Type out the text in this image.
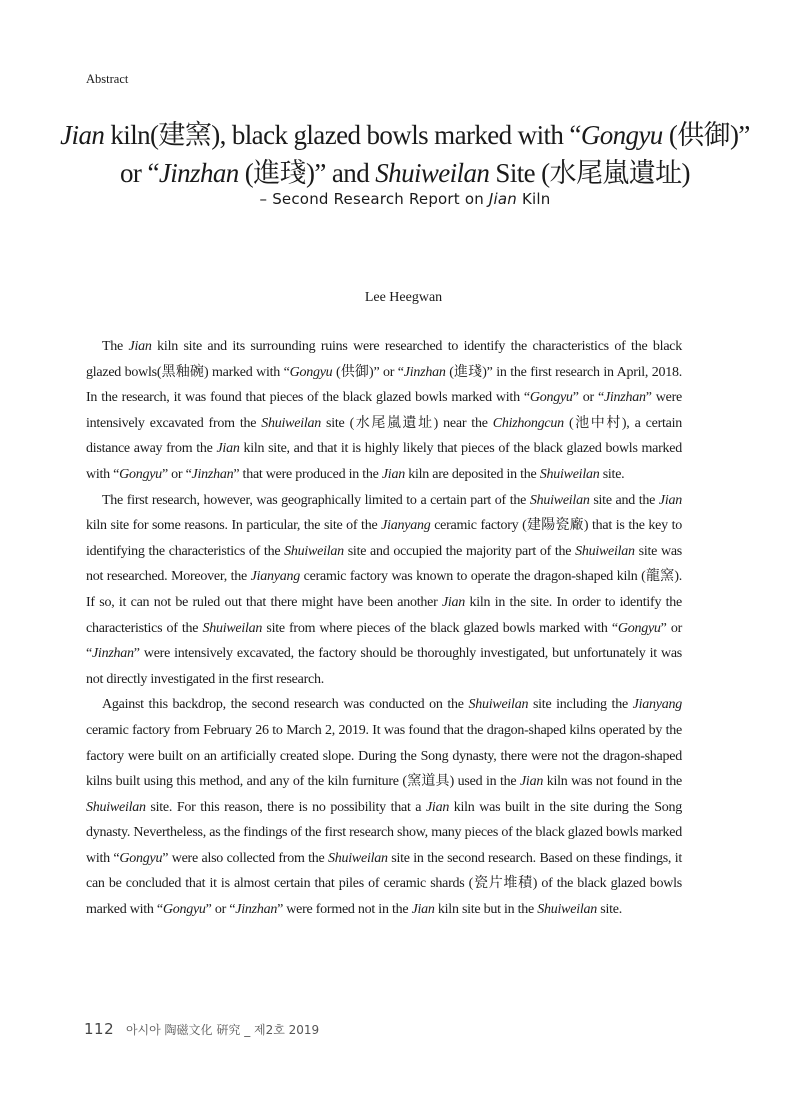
Abstract
Jian kiln(建窯), black glazed bowls marked with “Gongyu (供御)”
or “Jinzhan (進琖)” and Shuiweilan Site (水尾嵐遺址)
– Second Research Report on Jian Kiln
Lee Heegwan

The Jian kiln site and its surrounding ruins were researched to identify the characteristics of the black glazed bowls(黑釉碗) marked with “Gongyu (供御)” or “Jinzhan (進琖)” in the first research in April, 2018. In the research, it was found that pieces of the black glazed bowls marked with “Gongyu” or “Jinzhan” were intensively excavated from the Shuiweilan site (水尾嵐遺址) near the Chizhongcun (池中村), a certain distance away from the Jian kiln site, and that it is highly likely that pieces of the black glazed bowls marked with “Gongyu” or “Jinzhan” that were produced in the Jian kiln are deposited in the Shuiweilan site.

The first research, however, was geographically limited to a certain part of the Shuiweilan site and the Jian kiln site for some reasons. In particular, the site of the Jianyang ceramic factory (建陽瓷廠) that is the key to identifying the characteristics of the Shuiweilan site and occupied the majority part of the Shuiweilan site was not researched. Moreover, the Jianyang ceramic factory was known to operate the dragon-shaped kiln (龍窯). If so, it can not be ruled out that there might have been another Jian kiln in the site. In order to identify the characteristics of the Shuiweilan site from where pieces of the black glazed bowls marked with “Gongyu” or “Jinzhan” were intensively excavated, the factory should be thoroughly investigated, but unfortunately it was not directly investigated in the first research.

Against this backdrop, the second research was conducted on the Shuiweilan site including the Jianyang ceramic factory from February 26 to March 2, 2019. It was found that the dragon-shaped kilns operated by the factory were built on an artificially created slope. During the Song dynasty, there were not the dragon-shaped kilns built using this method, and any of the kiln furniture (窯道具) used in the Jian kiln was not found in the Shuiweilan site. For this reason, there is no possibility that a Jian kiln was built in the site during the Song dynasty. Nevertheless, as the findings of the first research show, many pieces of the black glazed bowls marked with “Gongyu” were also collected from the Shuiweilan site in the second research. Based on these findings, it can be concluded that it is almost certain that piles of ceramic shards (瓷片堆積) of the black glazed bowls marked with “Gongyu” or “Jinzhan” were formed not in the Jian kiln site but in the Shuiweilan site.

112 아시아 陶磁文化 硏究 _ 제2호 2019
